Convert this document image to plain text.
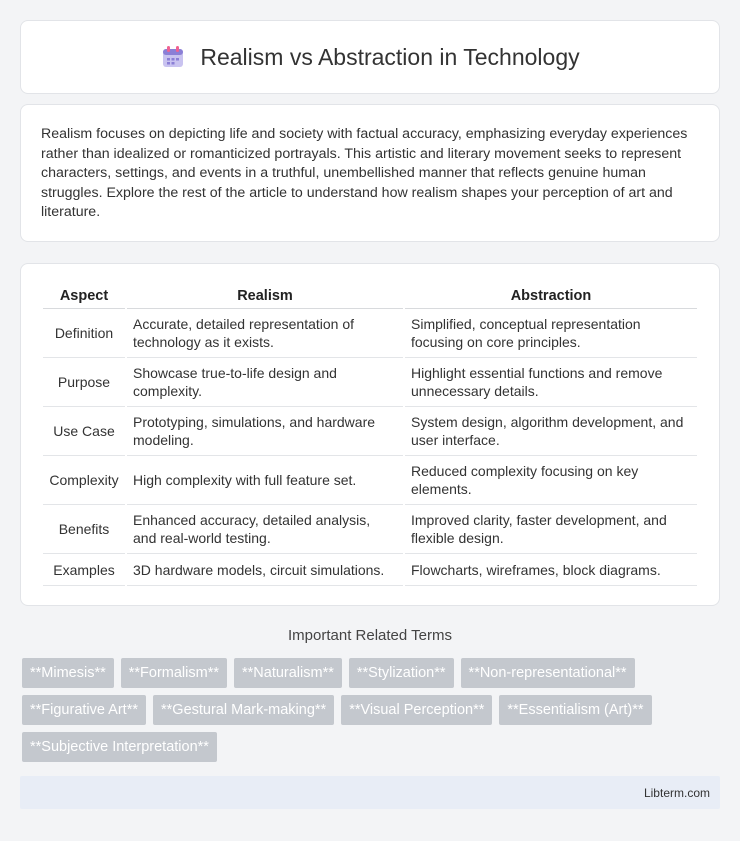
Realism vs Abstraction in Technology

Realism focuses on depicting life and society with factual accuracy, emphasizing everyday experiences rather than idealized or romanticized portrayals. This artistic and literary movement seeks to represent characters, settings, and events in a truthful, unembellished manner that reflects genuine human struggles. Explore the rest of the article to understand how realism shapes your perception of art and literature.

Aspect	Realism	Abstraction
Definition	Accurate, detailed representation of technology as it exists.	Simplified, conceptual representation focusing on core principles.
Purpose	Showcase true-to-life design and complexity.	Highlight essential functions and remove unnecessary details.
Use Case	Prototyping, simulations, and hardware modeling.	System design, algorithm development, and user interface.
Complexity	High complexity with full feature set.	Reduced complexity focusing on key elements.
Benefits	Enhanced accuracy, detailed analysis, and real-world testing.	Improved clarity, faster development, and flexible design.
Examples	3D hardware models, circuit simulations.	Flowcharts, wireframes, block diagrams.
Important Related Terms
**Mimesis**	**Formalism**	**Naturalism**	**Stylization**	**Non-representational**
**Figurative Art**	**Gestural Mark-making**	**Visual Perception**	**Essentialism (Art)**
**Subjective Interpretation**
Libterm.com
